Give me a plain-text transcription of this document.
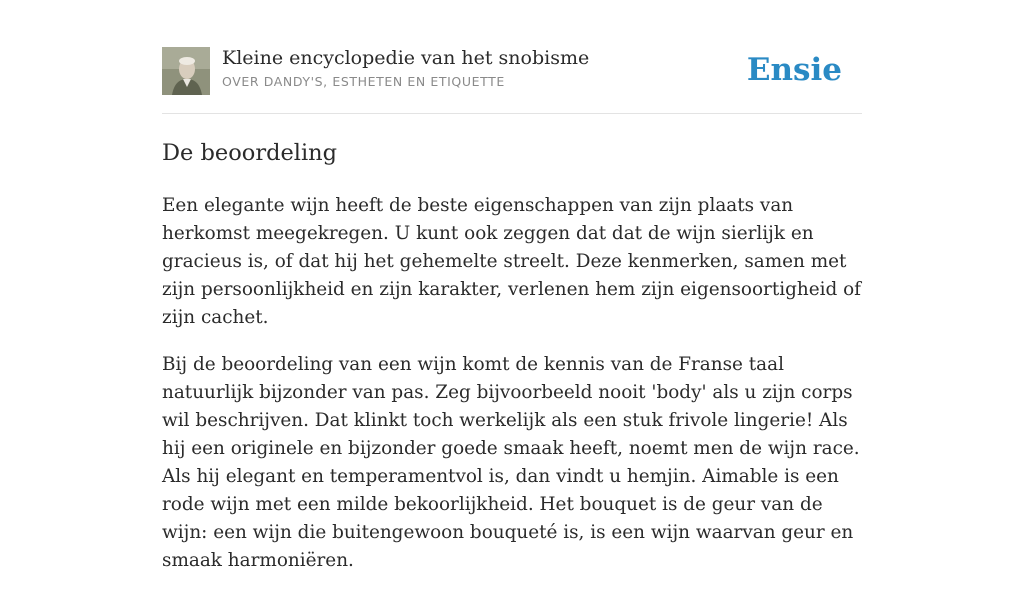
Kleine encyclopedie van het snobisme
OVER DANDY'S, ESTHETEN EN ETIQUETTE	Ensie
De beoordeling

Een elegante wijn heeft de beste eigenschappen van zijn plaats van herkomst meegekregen. U kunt ook zeggen dat dat de wijn sierlijk en gracieus is, of dat hij het gehemelte streelt. Deze kenmerken, samen met zijn persoonlijkheid en zijn karakter, verlenen hem zijn eigensoortigheid of zijn cachet.

Bij de beoordeling van een wijn komt de kennis van de Franse taal natuurlijk bijzonder van pas. Zeg bijvoorbeeld nooit 'body' als u zijn corps wil beschrijven. Dat klinkt toch werkelijk als een stuk frivole lingerie! Als hij een originele en bijzonder goede smaak heeft, noemt men de wijn race. Als hij elegant en temperamentvol is, dan vindt u hemjin. Aimable is een rode wijn met een milde bekoorlijkheid. Het bouquet is de geur van de wijn: een wijn die buitengewoon bouqueté is, is een wijn waarvan geur en smaak harmoniëren.
